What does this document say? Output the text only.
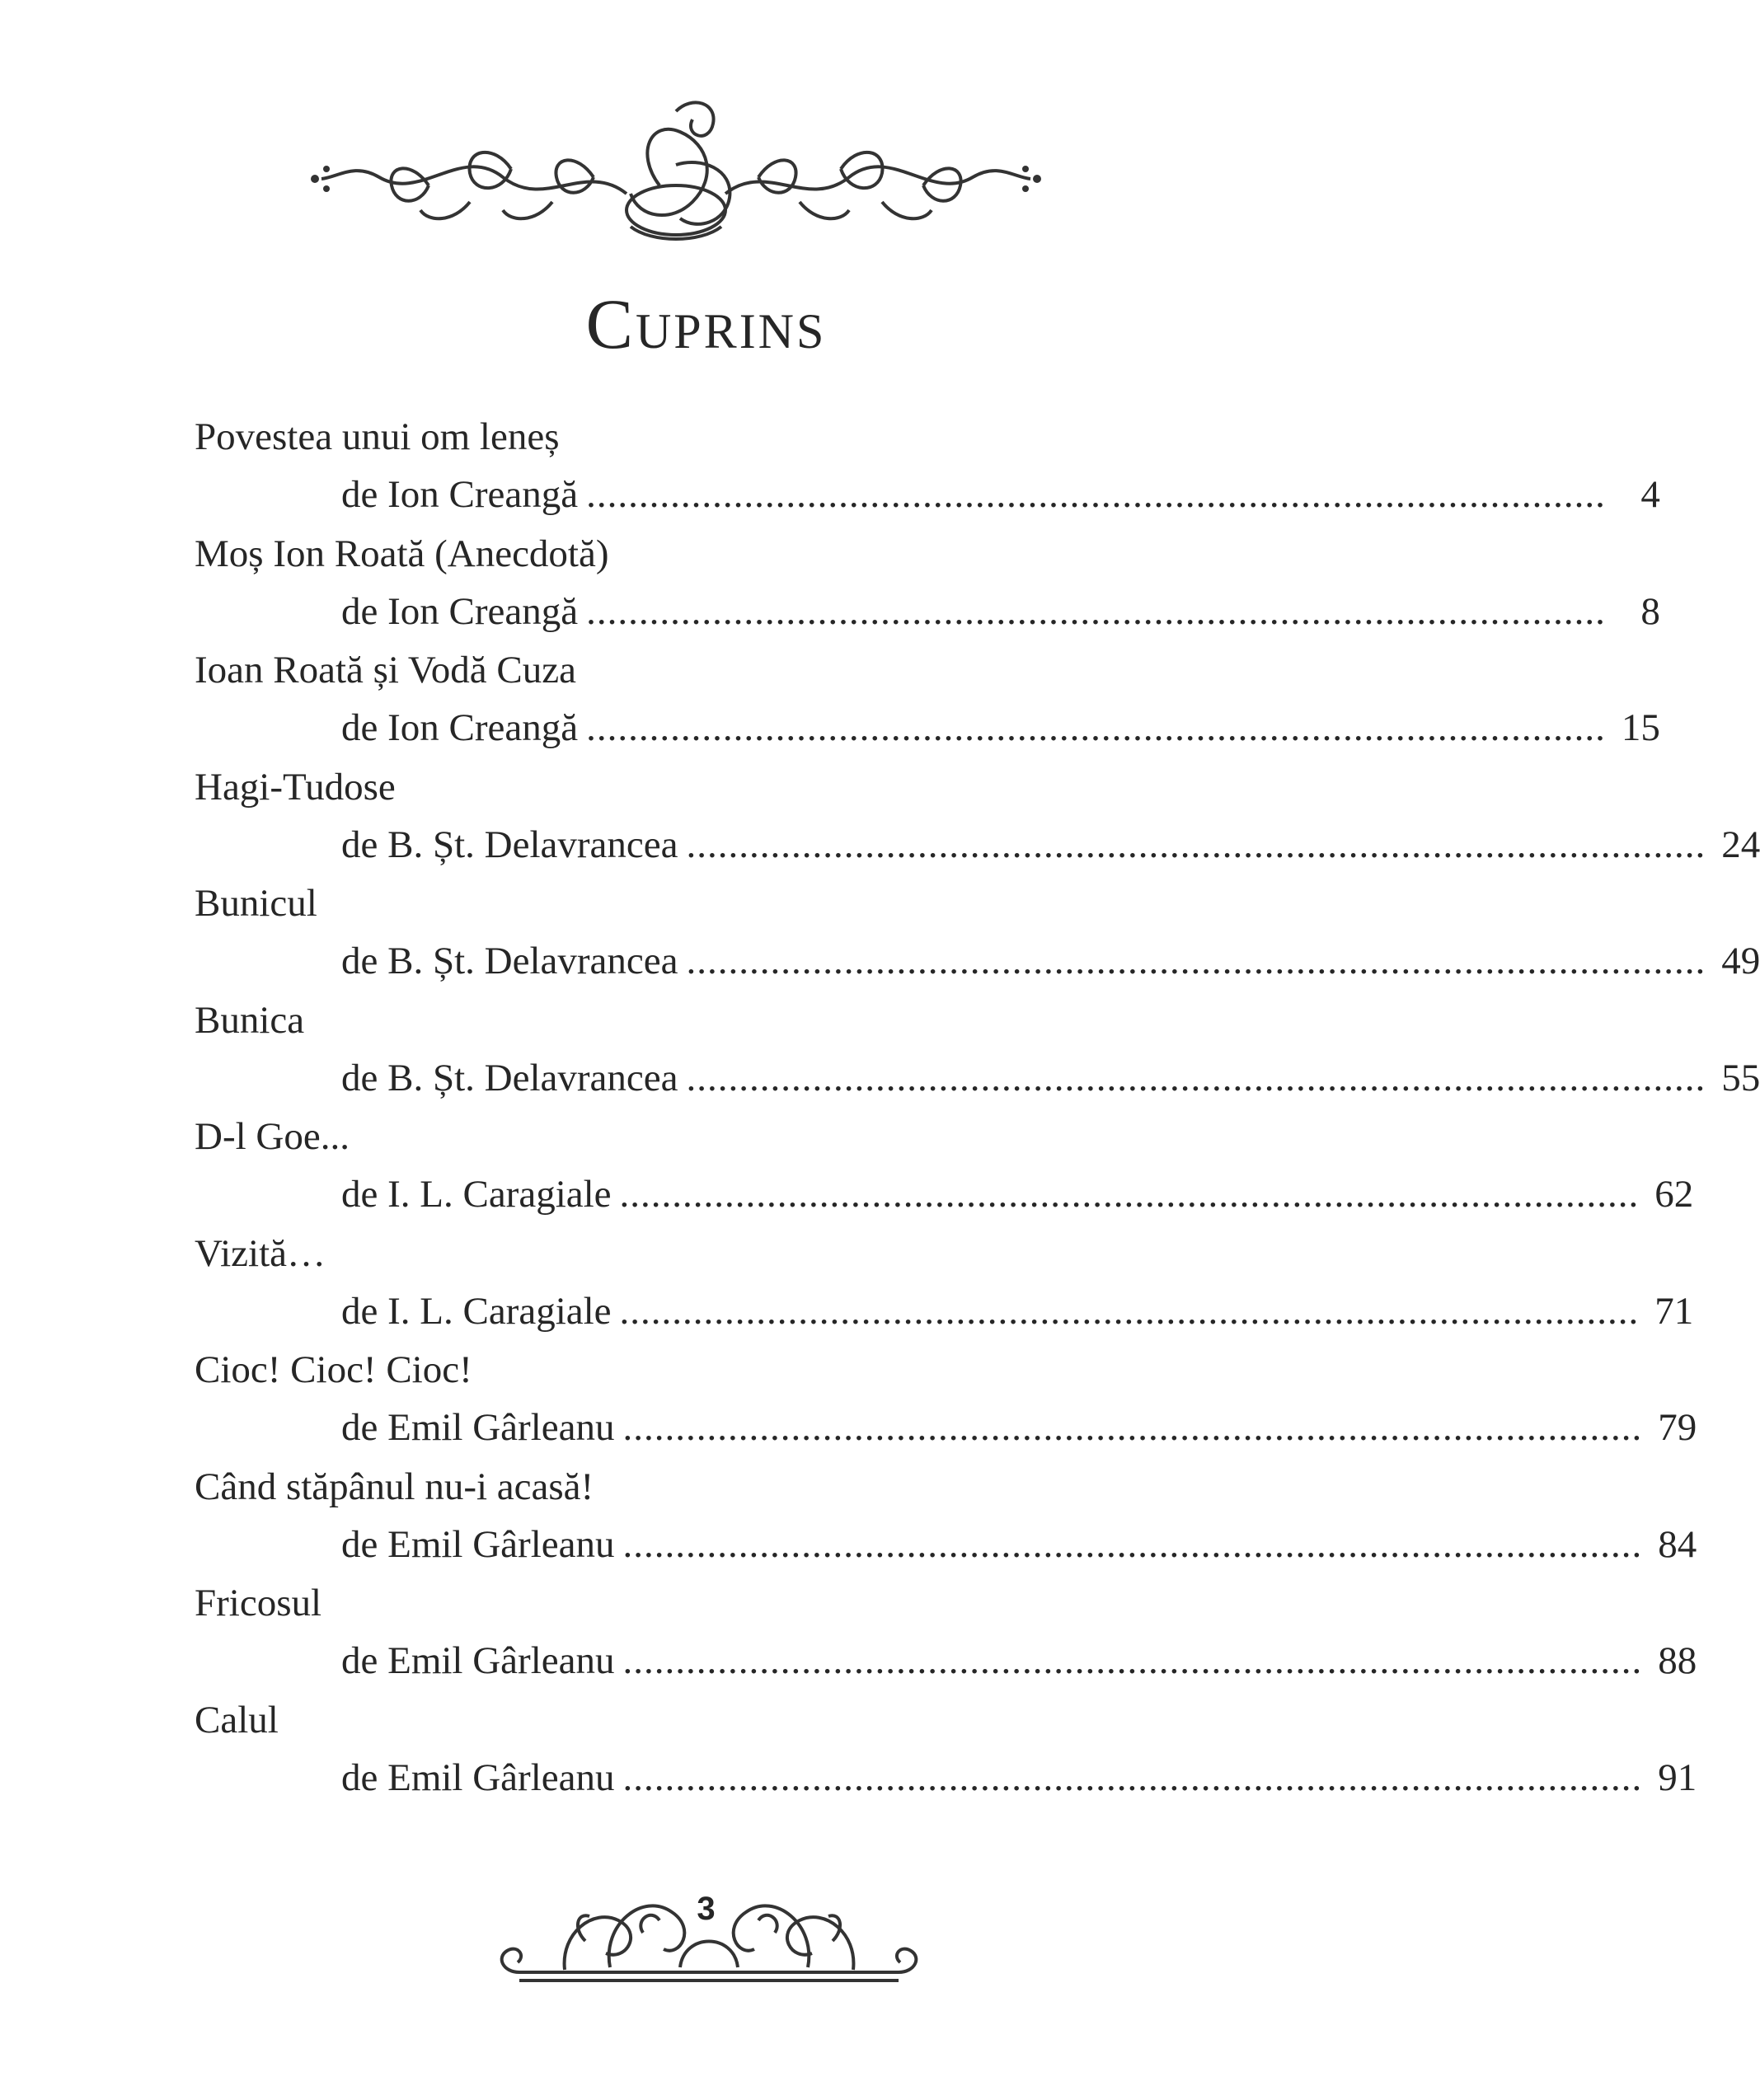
Cuprins
Povestea unui om leneș
de Ion Creangă ................................................................................................. 4
Moș Ion Roată (Anecdotă)
de Ion Creangă ................................................................................................. 8
Ioan Roată și Vodă Cuza
de Ion Creangă ................................................................................................. 15
Hagi-Tudose
de B. Șt. Delavrancea ................................................................................................. 24
Bunicul
de B. Șt. Delavrancea ................................................................................................. 49
Bunica
de B. Șt. Delavrancea ................................................................................................. 55
D-l Goe...
de I. L. Caragiale ................................................................................................. 62
Vizită…
de I. L. Caragiale ................................................................................................. 71
Cioc! Cioc! Cioc!
de Emil Gârleanu ................................................................................................. 79
Când stăpânul nu-i acasă!
de Emil Gârleanu ................................................................................................. 84
Fricosul
de Emil Gârleanu ................................................................................................. 88
Calul
de Emil Gârleanu ................................................................................................. 91
3
